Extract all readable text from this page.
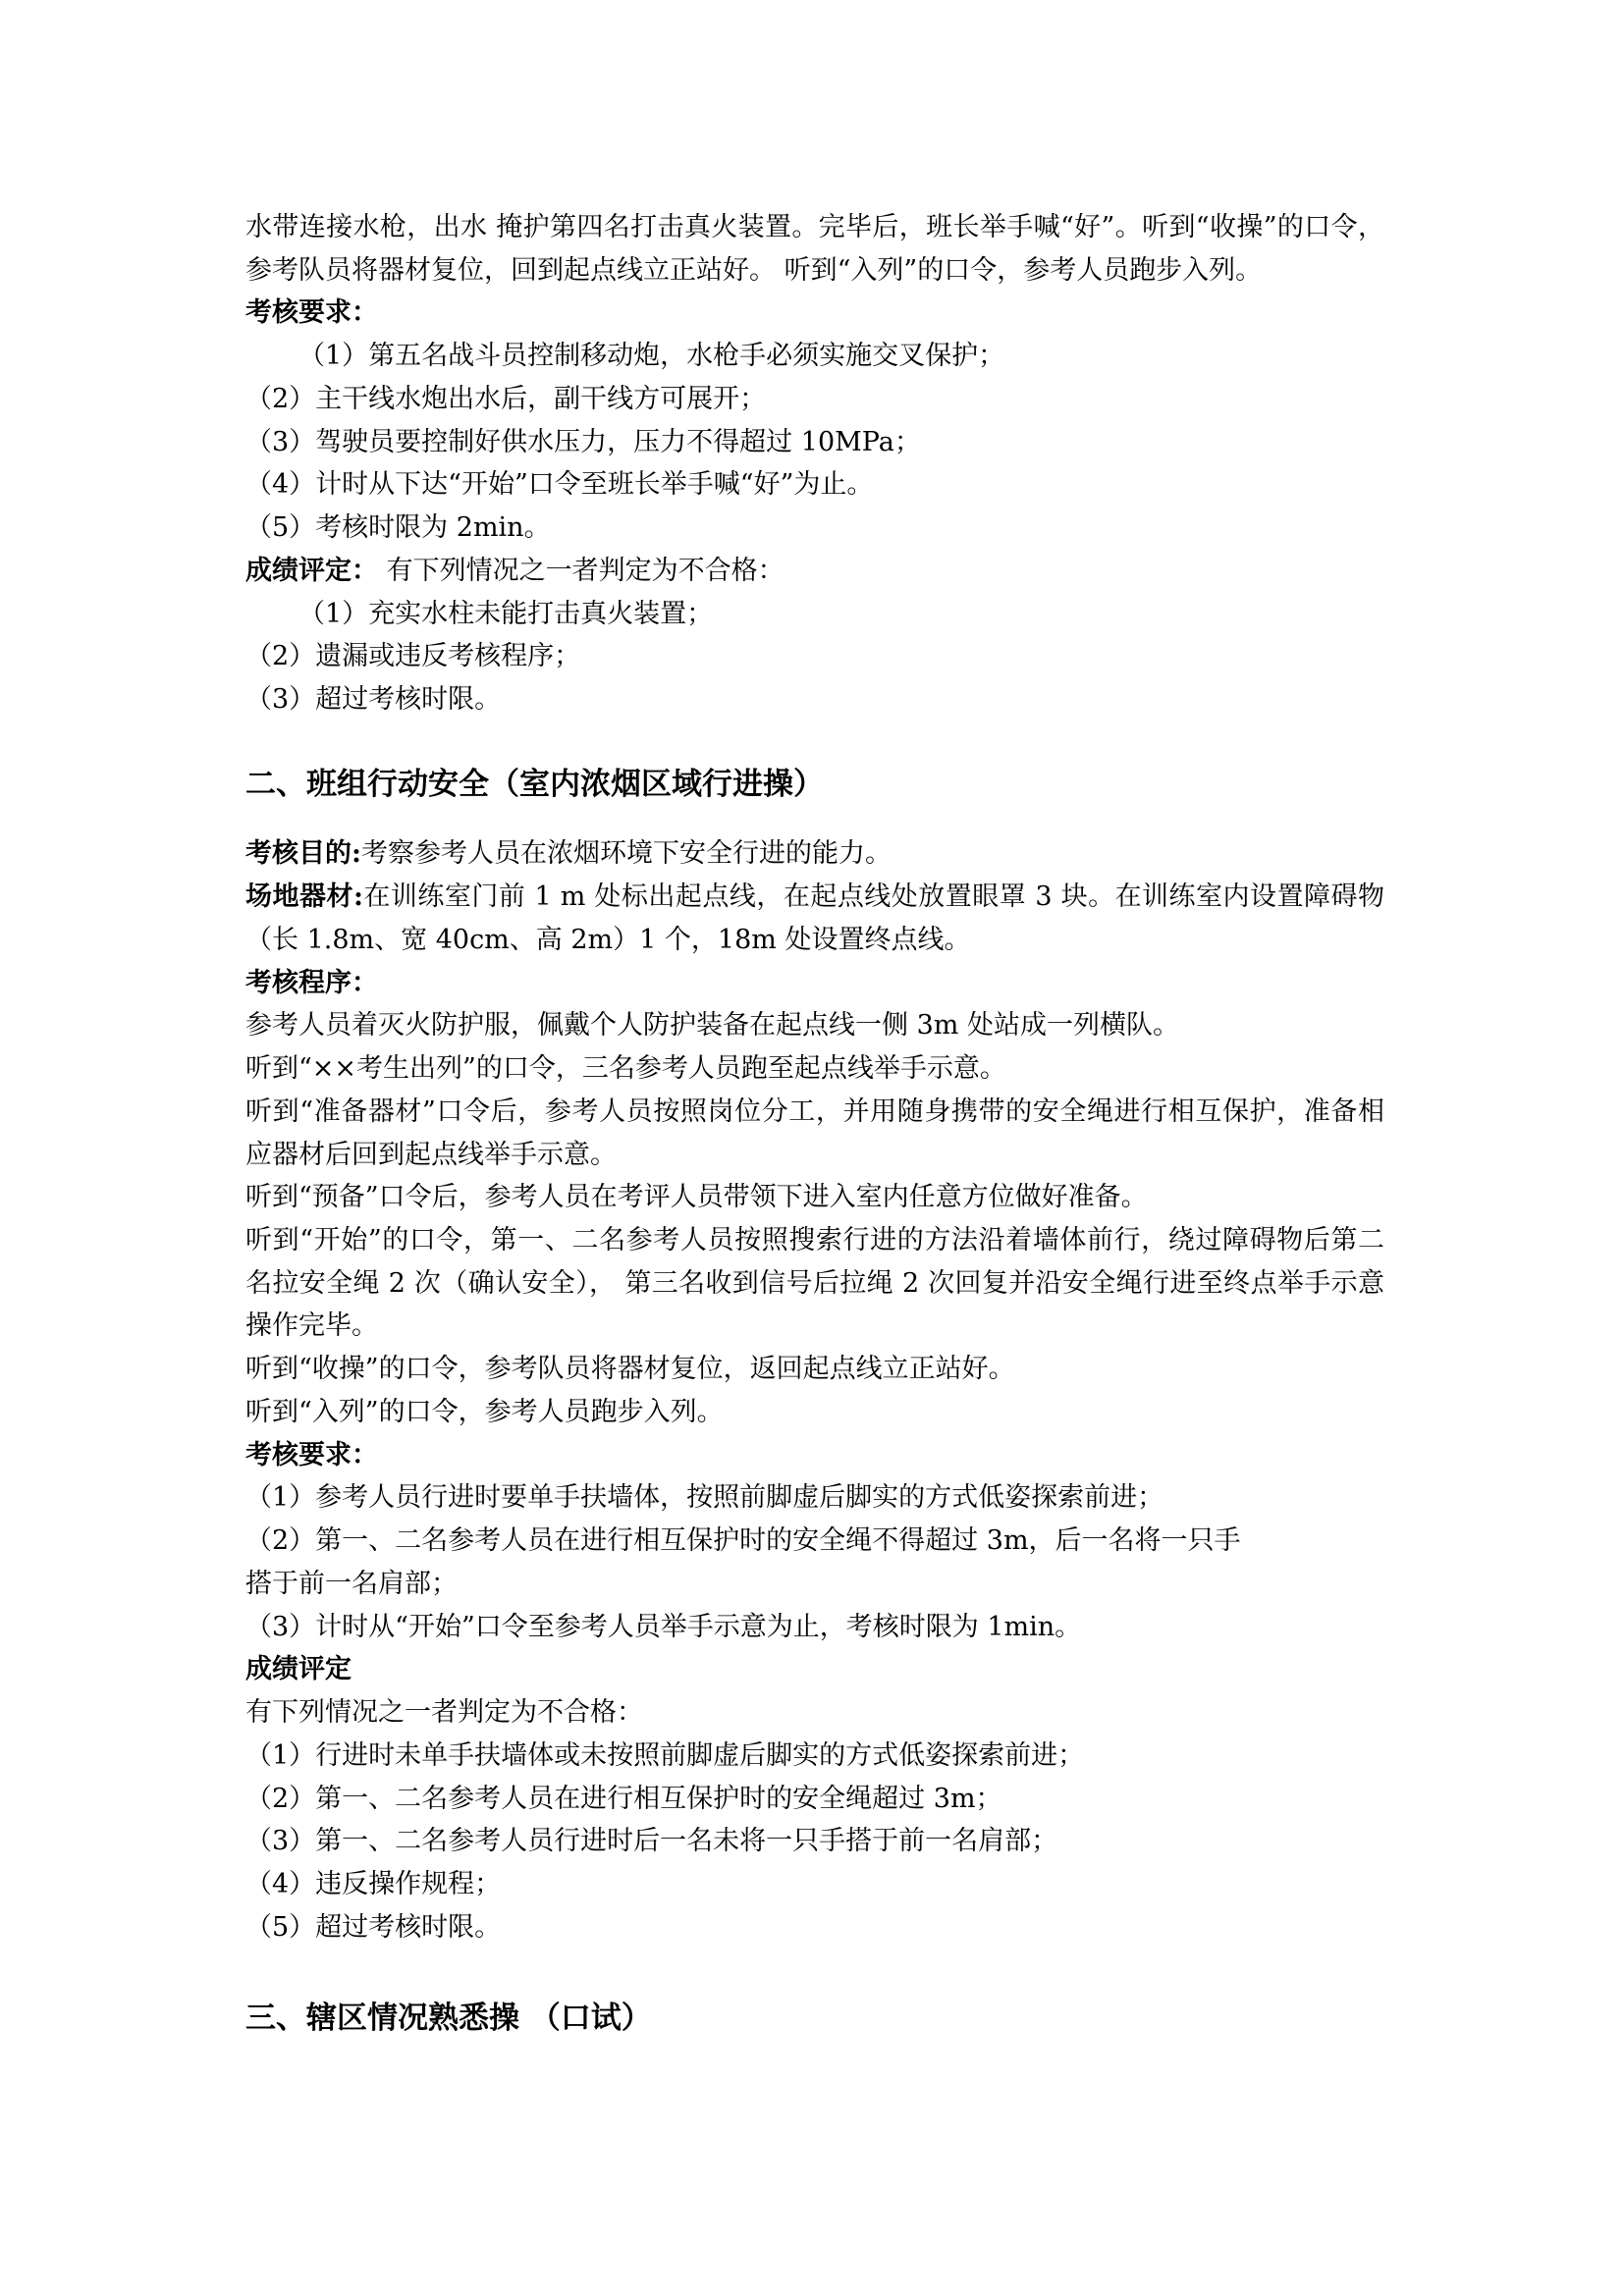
水带连接水枪，出水 掩护第四名打击真火装置。完毕后，班长举手喊“好”。听到“收操”的口令，参考队员将器材复位，回到起点线立正站好。 听到“入列”的口令，参考人员跑步入列。

考核要求：

（1）第五名战斗员控制移动炮，水枪手必须实施交叉保护；

（2）主干线水炮出水后，副干线方可展开；

（3）驾驶员要控制好供水压力，压力不得超过 10MPa；

（4）计时从下达“开始”口令至班长举手喊“好”为止。

（5）考核时限为 2min。

成绩评定： 有下列情况之一者判定为不合格：

（1）充实水柱未能打击真火装置；

（2）遗漏或违反考核程序；

（3）超过考核时限。

二、班组行动安全（室内浓烟区域行进操）

考核目的:考察参考人员在浓烟环境下安全行进的能力。

场地器材:在训练室门前 1 m 处标出起点线，在起点线处放置眼罩 3 块。在训练室内设置障碍物（长 1.8m、宽 40cm、高 2m）1 个，18m 处设置终点线。

考核程序：

参考人员着灭火防护服，佩戴个人防护装备在起点线一侧 3m 处站成一列横队。

听到“××考生出列”的口令，三名参考人员跑至起点线举手示意。

听到“准备器材”口令后，参考人员按照岗位分工，并用随身携带的安全绳进行相互保护，准备相应器材后回到起点线举手示意。

听到“预备”口令后，参考人员在考评人员带领下进入室内任意方位做好准备。

听到“开始”的口令，第一、二名参考人员按照搜索行进的方法沿着墙体前行，绕过障碍物后第二名拉安全绳 2 次（确认安全）， 第三名收到信号后拉绳 2 次回复并沿安全绳行进至终点举手示意操作完毕。

听到“收操”的口令，参考队员将器材复位，返回起点线立正站好。

听到“入列”的口令，参考人员跑步入列。

考核要求：

（1）参考人员行进时要单手扶墙体，按照前脚虚后脚实的方式低姿探索前进；

（2）第一、二名参考人员在进行相互保护时的安全绳不得超过 3m，后一名将一只手

搭于前一名肩部；

（3）计时从“开始”口令至参考人员举手示意为止，考核时限为 1min。

成绩评定

有下列情况之一者判定为不合格：

（1）行进时未单手扶墙体或未按照前脚虚后脚实的方式低姿探索前进；

（2）第一、二名参考人员在进行相互保护时的安全绳超过 3m；

（3）第一、二名参考人员行进时后一名未将一只手搭于前一名肩部；

（4）违反操作规程；

（5）超过考核时限。

三、辖区情况熟悉操 （口试）
